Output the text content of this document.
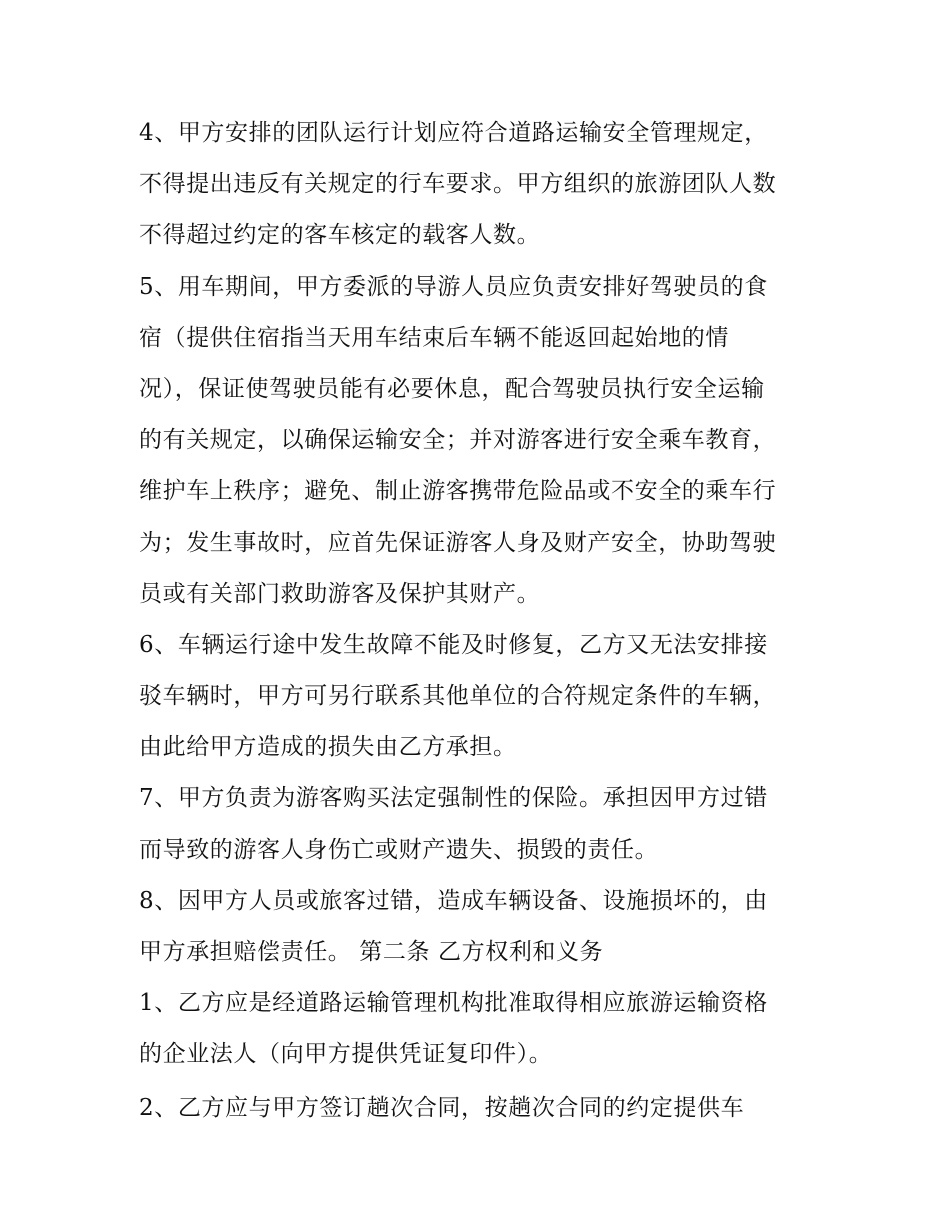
4、甲方安排的团队运行计划应符合道路运输安全管理规定，
不得提出违反有关规定的行车要求。甲方组织的旅游团队人数
不得超过约定的客车核定的载客人数。
5、用车期间，甲方委派的导游人员应负责安排好驾驶员的食
宿（提供住宿指当天用车结束后车辆不能返回起始地的情
况），保证使驾驶员能有必要休息，配合驾驶员执行安全运输
的有关规定，以确保运输安全；并对游客进行安全乘车教育，
维护车上秩序；避免、制止游客携带危险品或不安全的乘车行
为；发生事故时，应首先保证游客人身及财产安全，协助驾驶
员或有关部门救助游客及保护其财产。
6、车辆运行途中发生故障不能及时修复，乙方又无法安排接
驳车辆时，甲方可另行联系其他单位的合符规定条件的车辆，
由此给甲方造成的损失由乙方承担。
7、甲方负责为游客购买法定强制性的保险。承担因甲方过错
而导致的游客人身伤亡或财产遗失、损毁的责任。
8、因甲方人员或旅客过错，造成车辆设备、设施损坏的，由
甲方承担赔偿责任。 第二条 乙方权利和义务
1、乙方应是经道路运输管理机构批准取得相应旅游运输资格
的企业法人（向甲方提供凭证复印件）。
2、乙方应与甲方签订趟次合同，按趟次合同的约定提供车
